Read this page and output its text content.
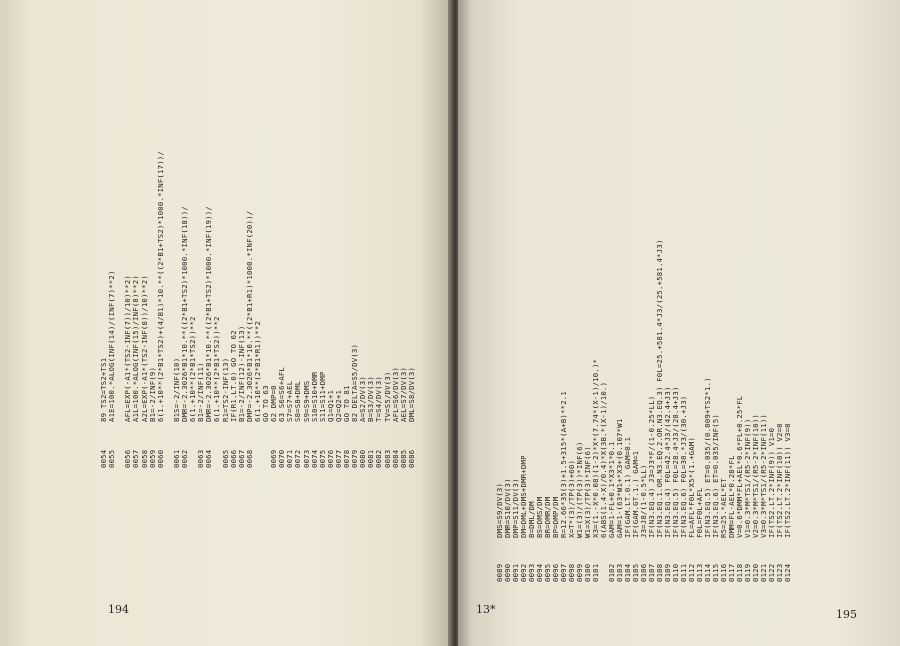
0054
89 TS2=TS2+TS1
0055
A1E=100.*ALOG(INF(14)/(INF(7)**2)
0056
AFL=EXP(-A1*(TS2-INF(7))/10)**2)
0057
A1L=100.*ALOG(INF(15)/INF(8)**2)
0058
A2L=EXP(-A1*(TS2-INF(8))/10)**2)
0059
B1=-2/INF(9)
0060
6(1.+10**(2*B1*TS2)+(4/B1)*10.**((2*B1+TS2)*1000.*INF(17))/
0061
B1S=-2/INF(10)
0062
DMR=-2.3026*B1*10.**((2*B1+TS2)*1000.*INF(18))/ 6(1.+10**(2*B1*TS2))**2
0063
B1=-2/INF(11)
0064
DMR=-2.3026*B1*10.**((2*B1+TS2)*1000.*INF(19))/ 6(1.+10**(2*B1*TS2))**2
0065
R1=TS2-INF(13)
0066
IF(R1.LT.0) GO TO 62
0067
B1=-2/INF(12)-INF(13)
0068
DMP=-2.3026*B1*10.**((2*B1+R1)*1000.*INF(20))/ 6(1.+10**(2*B1*R1))**2 GO TO 63
0069
62 DMP=0
0070
63 S6=S6+AFL
0071
S7=S7+AEL
0072
S8=S8+DML
0073
S9=S9+DMS
0074
S10=S10+DMR
0075
S11=S11+DMP
0076
Q1=Q1+1
0077
Q2=Q2+1
0078
GO TO 81
0079
82 DELTA=S5/DV(3)
0080
A=S2/DV(3)
0081
B=S3/DV(3)
0082
T=S4/DV(3)
0083
TV=S5/DV(3)
0084
AFL=S6/DV(3)
0085
AEL=S7/DV(3)
0086
DML=S8/DV(3)
194
0089
DMS=S9/DV(3)
0090
DMR=S10/DV(3)
0091
DMP=S11/DV(3)
0092
DM=DML+DMS+DMR+DMP
0093
B=DML/DM
0094
BS=DMS/DM
0095
BR=DMR/DM
0096
BP=DMP/DM
0097
R=12.66*35(3)+1.5+315*(A+B)**2.1
0098
X=T*(3)/TP(3)+60)
0099
W1=(3)/(TP(3))*INF(6)
0100
W1=X(3)/TP(3)*INF(6)
0101
X3=(1.-X*0.08)(1-2)*X*(7.74*(X-1)/10.)* 6(ABS(1.4-X)/0.4)*X(3B.*(X-1)/10.)
0102
GAM=1-FL+0.1*X3*1*0.1
0103
GAM=1-(63*W1+*X3+(0.107*W1
0104
IF(GAM.LT.0.1) GAM=0.1
0105
IF(GAM.GT.1.) GAM=1
0106
J3=J8/(1-0.5*LL)
0107
IF(N3.EQ.4) J3=J3*F/(1-0.25*LL)
0108
IF(N3.EQ.1.OR.N3.EQ.2.OR.N3.EQ.3) F0L=25.+581.4*J3/(25.+581.4*J3)
0109
IF(N3.EQ.4) F0L=42.4*J3/(42.4+J3)
0110
IF(N3.EQ.5) F0L=28.4*J3/(28.4+J3)
0111
IF(N3.EQ.6) F0L=30.*J3/(30.+J3)
0112
FL=AFL*F0L*X5*(1.+GAM)
0113
F0L=F0L+AFL
0114
IF(N3.EQ.5) ET=0.035/(0.009+TS2*1.)
0115
IF(N3.EQ.6) ET=0.035/INF(5)
0116
R5=25.*AEL*ET
0117
DMM=FL-AEL*0.28*FL
0118
V=0.6*DMM*FL+AEL*0.6*FL+0.25*FL
0119
V1=0.3*M*TS1/(R5-2*INF(9))
0120
V2=0.3*M*TS1/(R5-2*INF(10))
0121
V3=0.3*M*TS1/(R5-2*INF(11))
0122
IF(TS2.LT.2*INF(9)) V1=0
0123
IF(TS2.LT.2*INF(10)) V2=0
0124
IF(TS2.LT.2*INF(11)) V3=0
13*	195
